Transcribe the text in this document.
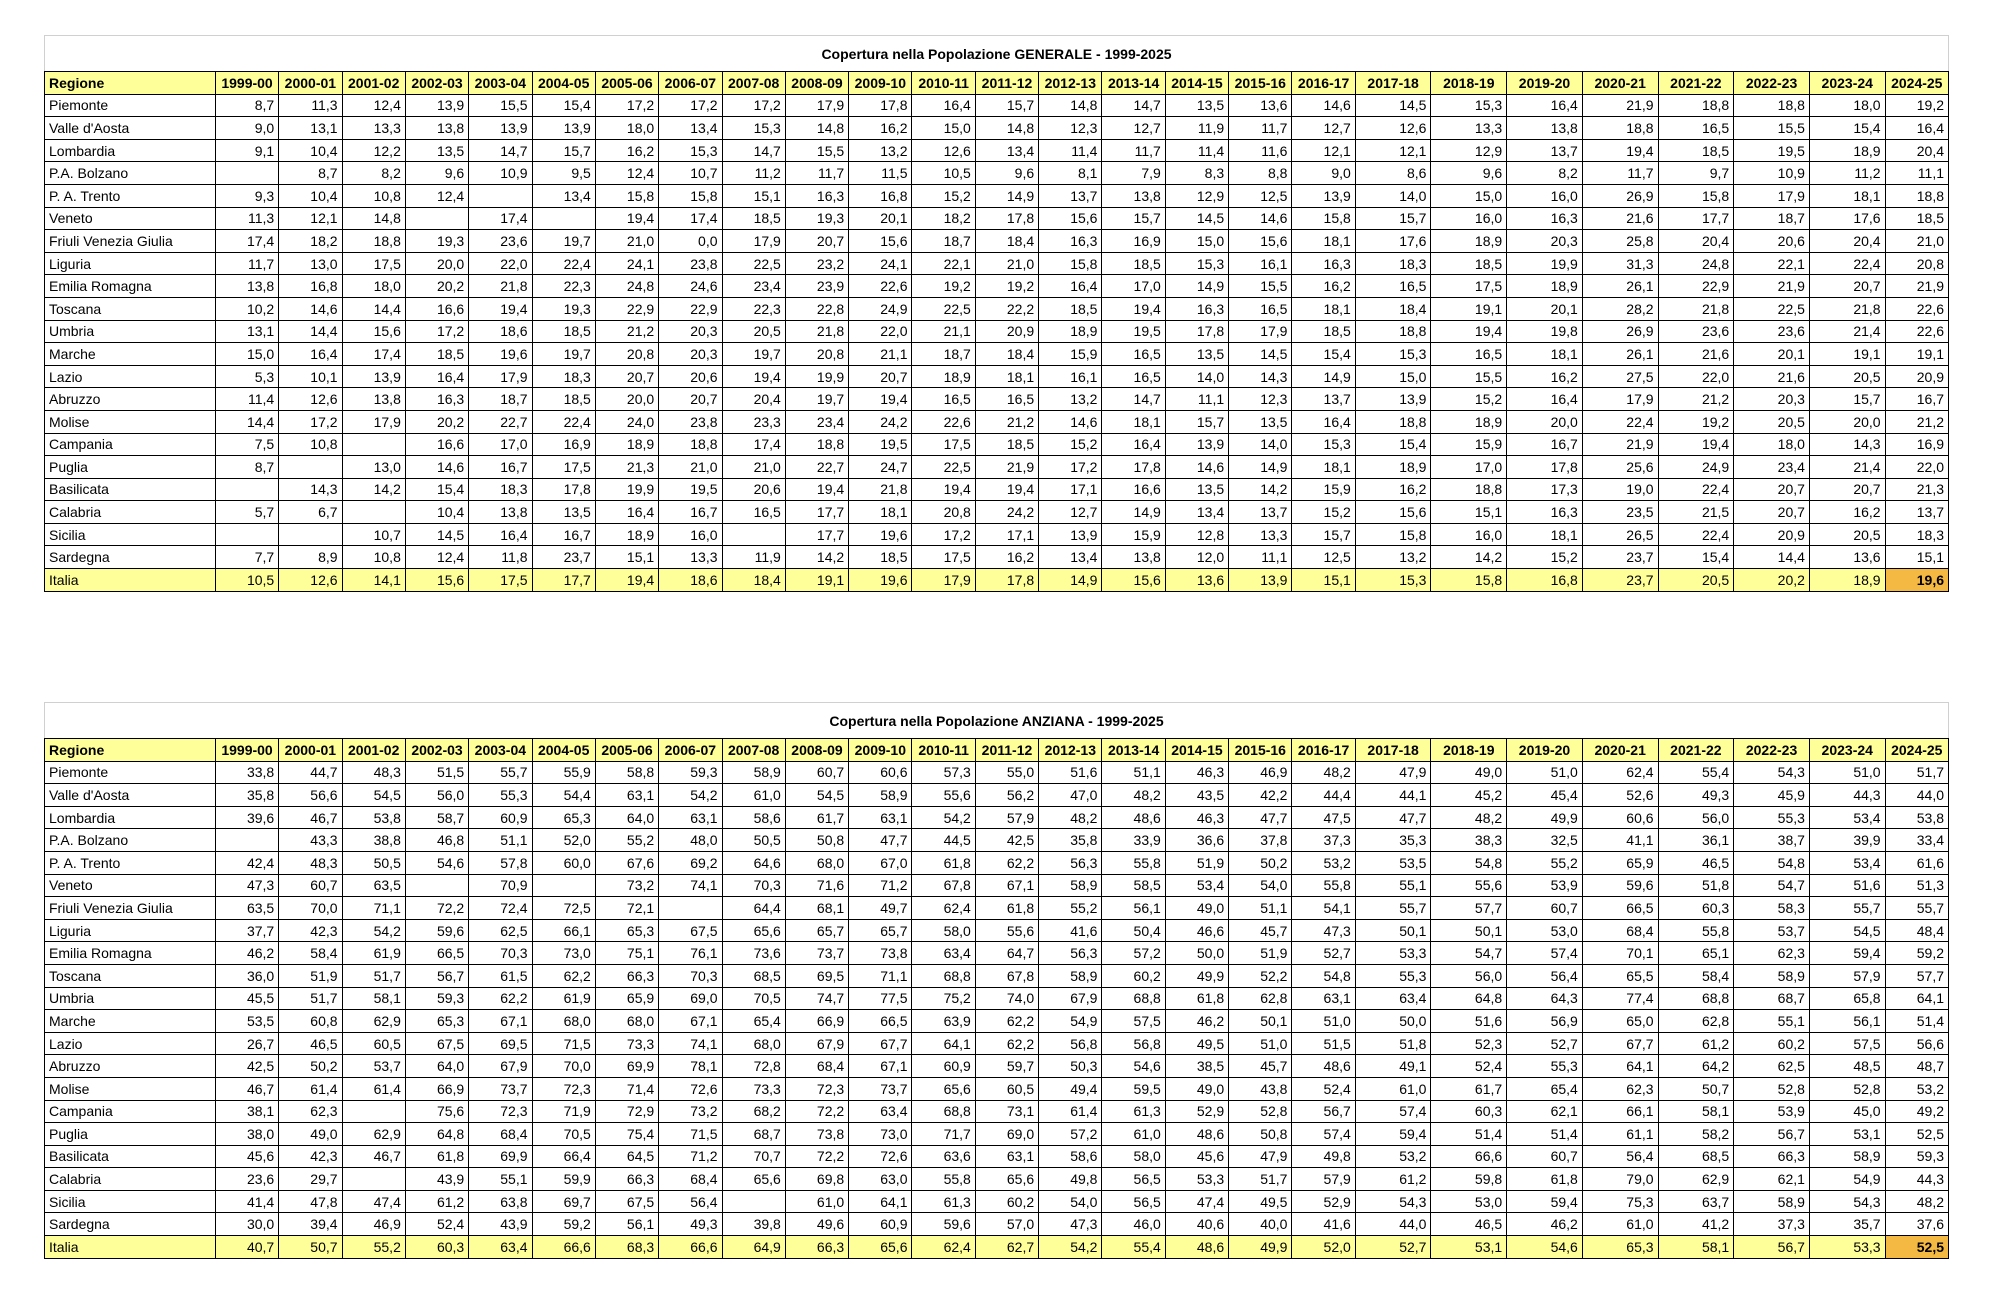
Copertura nella Popolazione GENERALE - 1999-2025
Regione	1999-00	2000-01	2001-02	2002-03	2003-04	2004-05	2005-06	2006-07	2007-08	2008-09	2009-10	2010-11	2011-12	2012-13	2013-14	2014-15	2015-16	2016-17	2017-18	2018-19	2019-20	2020-21	2021-22	2022-23	2023-24	2024-25
Piemonte	8,7	11,3	12,4	13,9	15,5	15,4	17,2	17,2	17,2	17,9	17,8	16,4	15,7	14,8	14,7	13,5	13,6	14,6	14,5	15,3	16,4	21,9	18,8	18,8	18,0	19,2
Valle d'Aosta	9,0	13,1	13,3	13,8	13,9	13,9	18,0	13,4	15,3	14,8	16,2	15,0	14,8	12,3	12,7	11,9	11,7	12,7	12,6	13,3	13,8	18,8	16,5	15,5	15,4	16,4
Lombardia	9,1	10,4	12,2	13,5	14,7	15,7	16,2	15,3	14,7	15,5	13,2	12,6	13,4	11,4	11,7	11,4	11,6	12,1	12,1	12,9	13,7	19,4	18,5	19,5	18,9	20,4
P.A. Bolzano		8,7	8,2	9,6	10,9	9,5	12,4	10,7	11,2	11,7	11,5	10,5	9,6	8,1	7,9	8,3	8,8	9,0	8,6	9,6	8,2	11,7	9,7	10,9	11,2	11,1
P. A. Trento	9,3	10,4	10,8	12,4		13,4	15,8	15,8	15,1	16,3	16,8	15,2	14,9	13,7	13,8	12,9	12,5	13,9	14,0	15,0	16,0	26,9	15,8	17,9	18,1	18,8
Veneto	11,3	12,1	14,8		17,4		19,4	17,4	18,5	19,3	20,1	18,2	17,8	15,6	15,7	14,5	14,6	15,8	15,7	16,0	16,3	21,6	17,7	18,7	17,6	18,5
Friuli Venezia Giulia	17,4	18,2	18,8	19,3	23,6	19,7	21,0	0,0	17,9	20,7	15,6	18,7	18,4	16,3	16,9	15,0	15,6	18,1	17,6	18,9	20,3	25,8	20,4	20,6	20,4	21,0
Liguria	11,7	13,0	17,5	20,0	22,0	22,4	24,1	23,8	22,5	23,2	24,1	22,1	21,0	15,8	18,5	15,3	16,1	16,3	18,3	18,5	19,9	31,3	24,8	22,1	22,4	20,8
Emilia Romagna	13,8	16,8	18,0	20,2	21,8	22,3	24,8	24,6	23,4	23,9	22,6	19,2	19,2	16,4	17,0	14,9	15,5	16,2	16,5	17,5	18,9	26,1	22,9	21,9	20,7	21,9
Toscana	10,2	14,6	14,4	16,6	19,4	19,3	22,9	22,9	22,3	22,8	24,9	22,5	22,2	18,5	19,4	16,3	16,5	18,1	18,4	19,1	20,1	28,2	21,8	22,5	21,8	22,6
Umbria	13,1	14,4	15,6	17,2	18,6	18,5	21,2	20,3	20,5	21,8	22,0	21,1	20,9	18,9	19,5	17,8	17,9	18,5	18,8	19,4	19,8	26,9	23,6	23,6	21,4	22,6
Marche	15,0	16,4	17,4	18,5	19,6	19,7	20,8	20,3	19,7	20,8	21,1	18,7	18,4	15,9	16,5	13,5	14,5	15,4	15,3	16,5	18,1	26,1	21,6	20,1	19,1	19,1
Lazio	5,3	10,1	13,9	16,4	17,9	18,3	20,7	20,6	19,4	19,9	20,7	18,9	18,1	16,1	16,5	14,0	14,3	14,9	15,0	15,5	16,2	27,5	22,0	21,6	20,5	20,9
Abruzzo	11,4	12,6	13,8	16,3	18,7	18,5	20,0	20,7	20,4	19,7	19,4	16,5	16,5	13,2	14,7	11,1	12,3	13,7	13,9	15,2	16,4	17,9	21,2	20,3	15,7	16,7
Molise	14,4	17,2	17,9	20,2	22,7	22,4	24,0	23,8	23,3	23,4	24,2	22,6	21,2	14,6	18,1	15,7	13,5	16,4	18,8	18,9	20,0	22,4	19,2	20,5	20,0	21,2
Campania	7,5	10,8		16,6	17,0	16,9	18,9	18,8	17,4	18,8	19,5	17,5	18,5	15,2	16,4	13,9	14,0	15,3	15,4	15,9	16,7	21,9	19,4	18,0	14,3	16,9
Puglia	8,7		13,0	14,6	16,7	17,5	21,3	21,0	21,0	22,7	24,7	22,5	21,9	17,2	17,8	14,6	14,9	18,1	18,9	17,0	17,8	25,6	24,9	23,4	21,4	22,0
Basilicata		14,3	14,2	15,4	18,3	17,8	19,9	19,5	20,6	19,4	21,8	19,4	19,4	17,1	16,6	13,5	14,2	15,9	16,2	18,8	17,3	19,0	22,4	20,7	20,7	21,3
Calabria	5,7	6,7		10,4	13,8	13,5	16,4	16,7	16,5	17,7	18,1	20,8	24,2	12,7	14,9	13,4	13,7	15,2	15,6	15,1	16,3	23,5	21,5	20,7	16,2	13,7
Sicilia			10,7	14,5	16,4	16,7	18,9	16,0		17,7	19,6	17,2	17,1	13,9	15,9	12,8	13,3	15,7	15,8	16,0	18,1	26,5	22,4	20,9	20,5	18,3
Sardegna	7,7	8,9	10,8	12,4	11,8	23,7	15,1	13,3	11,9	14,2	18,5	17,5	16,2	13,4	13,8	12,0	11,1	12,5	13,2	14,2	15,2	23,7	15,4	14,4	13,6	15,1
Italia	10,5	12,6	14,1	15,6	17,5	17,7	19,4	18,6	18,4	19,1	19,6	17,9	17,8	14,9	15,6	13,6	13,9	15,1	15,3	15,8	16,8	23,7	20,5	20,2	18,9	19,6
Copertura nella Popolazione ANZIANA - 1999-2025
Regione	1999-00	2000-01	2001-02	2002-03	2003-04	2004-05	2005-06	2006-07	2007-08	2008-09	2009-10	2010-11	2011-12	2012-13	2013-14	2014-15	2015-16	2016-17	2017-18	2018-19	2019-20	2020-21	2021-22	2022-23	2023-24	2024-25
Piemonte	33,8	44,7	48,3	51,5	55,7	55,9	58,8	59,3	58,9	60,7	60,6	57,3	55,0	51,6	51,1	46,3	46,9	48,2	47,9	49,0	51,0	62,4	55,4	54,3	51,0	51,7
Valle d'Aosta	35,8	56,6	54,5	56,0	55,3	54,4	63,1	54,2	61,0	54,5	58,9	55,6	56,2	47,0	48,2	43,5	42,2	44,4	44,1	45,2	45,4	52,6	49,3	45,9	44,3	44,0
Lombardia	39,6	46,7	53,8	58,7	60,9	65,3	64,0	63,1	58,6	61,7	63,1	54,2	57,9	48,2	48,6	46,3	47,7	47,5	47,7	48,2	49,9	60,6	56,0	55,3	53,4	53,8
P.A. Bolzano		43,3	38,8	46,8	51,1	52,0	55,2	48,0	50,5	50,8	47,7	44,5	42,5	35,8	33,9	36,6	37,8	37,3	35,3	38,3	32,5	41,1	36,1	38,7	39,9	33,4
P. A. Trento	42,4	48,3	50,5	54,6	57,8	60,0	67,6	69,2	64,6	68,0	67,0	61,8	62,2	56,3	55,8	51,9	50,2	53,2	53,5	54,8	55,2	65,9	46,5	54,8	53,4	61,6
Veneto	47,3	60,7	63,5		70,9		73,2	74,1	70,3	71,6	71,2	67,8	67,1	58,9	58,5	53,4	54,0	55,8	55,1	55,6	53,9	59,6	51,8	54,7	51,6	51,3
Friuli Venezia Giulia	63,5	70,0	71,1	72,2	72,4	72,5	72,1		64,4	68,1	49,7	62,4	61,8	55,2	56,1	49,0	51,1	54,1	55,7	57,7	60,7	66,5	60,3	58,3	55,7	55,7
Liguria	37,7	42,3	54,2	59,6	62,5	66,1	65,3	67,5	65,6	65,7	65,7	58,0	55,6	41,6	50,4	46,6	45,7	47,3	50,1	50,1	53,0	68,4	55,8	53,7	54,5	48,4
Emilia Romagna	46,2	58,4	61,9	66,5	70,3	73,0	75,1	76,1	73,6	73,7	73,8	63,4	64,7	56,3	57,2	50,0	51,9	52,7	53,3	54,7	57,4	70,1	65,1	62,3	59,4	59,2
Toscana	36,0	51,9	51,7	56,7	61,5	62,2	66,3	70,3	68,5	69,5	71,1	68,8	67,8	58,9	60,2	49,9	52,2	54,8	55,3	56,0	56,4	65,5	58,4	58,9	57,9	57,7
Umbria	45,5	51,7	58,1	59,3	62,2	61,9	65,9	69,0	70,5	74,7	77,5	75,2	74,0	67,9	68,8	61,8	62,8	63,1	63,4	64,8	64,3	77,4	68,8	68,7	65,8	64,1
Marche	53,5	60,8	62,9	65,3	67,1	68,0	68,0	67,1	65,4	66,9	66,5	63,9	62,2	54,9	57,5	46,2	50,1	51,0	50,0	51,6	56,9	65,0	62,8	55,1	56,1	51,4
Lazio	26,7	46,5	60,5	67,5	69,5	71,5	73,3	74,1	68,0	67,9	67,7	64,1	62,2	56,8	56,8	49,5	51,0	51,5	51,8	52,3	52,7	67,7	61,2	60,2	57,5	56,6
Abruzzo	42,5	50,2	53,7	64,0	67,9	70,0	69,9	78,1	72,8	68,4	67,1	60,9	59,7	50,3	54,6	38,5	45,7	48,6	49,1	52,4	55,3	64,1	64,2	62,5	48,5	48,7
Molise	46,7	61,4	61,4	66,9	73,7	72,3	71,4	72,6	73,3	72,3	73,7	65,6	60,5	49,4	59,5	49,0	43,8	52,4	61,0	61,7	65,4	62,3	50,7	52,8	52,8	53,2
Campania	38,1	62,3		75,6	72,3	71,9	72,9	73,2	68,2	72,2	63,4	68,8	73,1	61,4	61,3	52,9	52,8	56,7	57,4	60,3	62,1	66,1	58,1	53,9	45,0	49,2
Puglia	38,0	49,0	62,9	64,8	68,4	70,5	75,4	71,5	68,7	73,8	73,0	71,7	69,0	57,2	61,0	48,6	50,8	57,4	59,4	51,4	51,4	61,1	58,2	56,7	53,1	52,5
Basilicata	45,6	42,3	46,7	61,8	69,9	66,4	64,5	71,2	70,7	72,2	72,6	63,6	63,1	58,6	58,0	45,6	47,9	49,8	53,2	66,6	60,7	56,4	68,5	66,3	58,9	59,3
Calabria	23,6	29,7		43,9	55,1	59,9	66,3	68,4	65,6	69,8	63,0	55,8	65,6	49,8	56,5	53,3	51,7	57,9	61,2	59,8	61,8	79,0	62,9	62,1	54,9	44,3
Sicilia	41,4	47,8	47,4	61,2	63,8	69,7	67,5	56,4		61,0	64,1	61,3	60,2	54,0	56,5	47,4	49,5	52,9	54,3	53,0	59,4	75,3	63,7	58,9	54,3	48,2
Sardegna	30,0	39,4	46,9	52,4	43,9	59,2	56,1	49,3	39,8	49,6	60,9	59,6	57,0	47,3	46,0	40,6	40,0	41,6	44,0	46,5	46,2	61,0	41,2	37,3	35,7	37,6
Italia	40,7	50,7	55,2	60,3	63,4	66,6	68,3	66,6	64,9	66,3	65,6	62,4	62,7	54,2	55,4	48,6	49,9	52,0	52,7	53,1	54,6	65,3	58,1	56,7	53,3	52,5
